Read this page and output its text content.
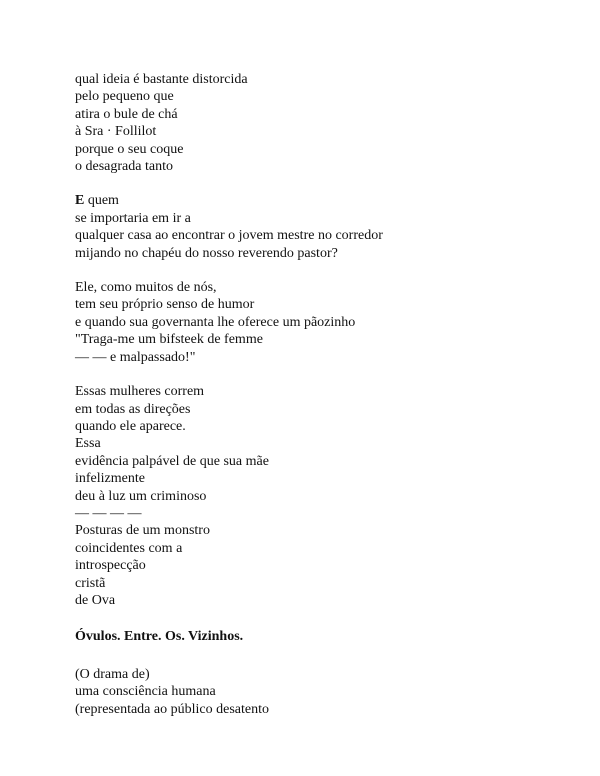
qual ideia é bastante distorcida
pelo pequeno que
atira o bule de chá
à Sra · Follilot
porque o seu coque
o desagrada tanto
E quem
se importaria em ir a
qualquer casa ao encontrar o jovem mestre no corredor
mijando no chapéu do nosso reverendo pastor?
Ele, como muitos de nós,
tem seu próprio senso de humor
e quando sua governanta lhe oferece um pãozinho
"Traga-me um bifsteek de femme
— — e malpassado!"
Essas mulheres correm
em todas as direções
quando ele aparece.
Essa
evidência palpável de que sua mãe
infelizmente
deu à luz um criminoso
— — — —
Posturas de um monstro
coincidentes com a
introspecção
cristã
de Ova
Óvulos. Entre. Os. Vizinhos.
(O drama de)
uma consciência humana
(representada ao público desatento
